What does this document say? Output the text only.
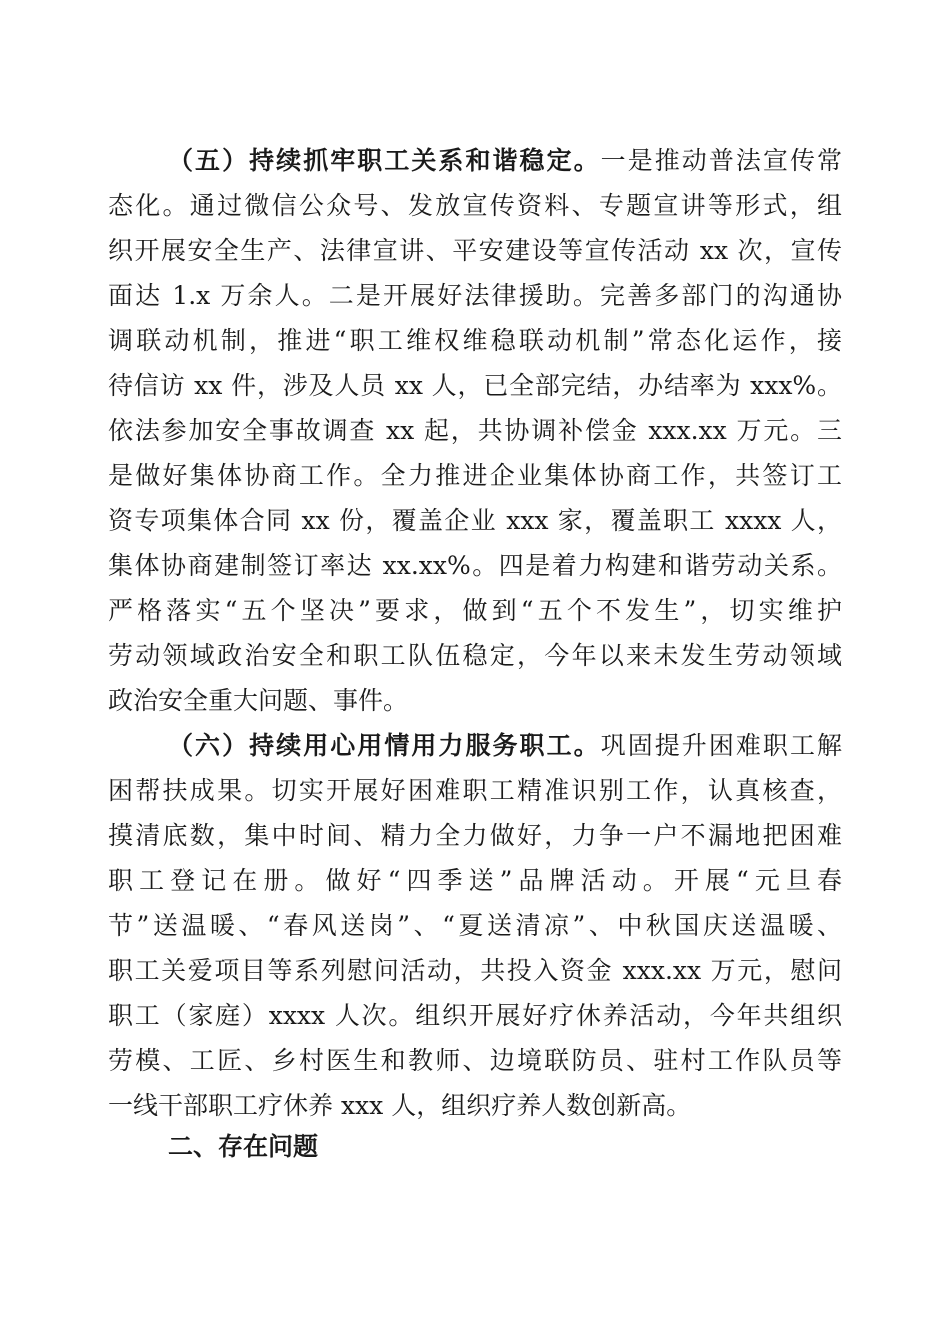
（五）持续抓牢职工关系和谐稳定。一是推动普法宣传常
态化。通过微信公众号、发放宣传资料、专题宣讲等形式，组
织开展安全生产、法律宣讲、平安建设等宣传活动 xx 次，宣传
面达 1.x 万余人。二是开展好法律援助。完善多部门的沟通协
调联动机制，推进“职工维权维稳联动机制”常态化运作，接
待信访 xx 件，涉及人员 xx 人，已全部完结，办结率为 xxx%。
依法参加安全事故调查 xx 起，共协调补偿金 xxx.xx 万元。三
是做好集体协商工作。全力推进企业集体协商工作，共签订工
资专项集体合同 xx 份，覆盖企业 xxx 家，覆盖职工 xxxx 人，
集体协商建制签订率达 xx.xx%。四是着力构建和谐劳动关系。
严格落实“五个坚决”要求，做到“五个不发生”，切实维护
劳动领域政治安全和职工队伍稳定，今年以来未发生劳动领域
政治安全重大问题、事件。
（六）持续用心用情用力服务职工。巩固提升困难职工解
困帮扶成果。切实开展好困难职工精准识别工作，认真核查，
摸清底数，集中时间、精力全力做好，力争一户不漏地把困难
职工登记在册。做好“四季送”品牌活动。开展“元旦春
节”送温暖、“春风送岗”、“夏送清凉”、中秋国庆送温暖、
职工关爱项目等系列慰问活动，共投入资金 xxx.xx 万元，慰问
职工（家庭）xxxx 人次。组织开展好疗休养活动，今年共组织
劳模、工匠、乡村医生和教师、边境联防员、驻村工作队员等
一线干部职工疗休养 xxx 人，组织疗养人数创新高。
二、存在问题
